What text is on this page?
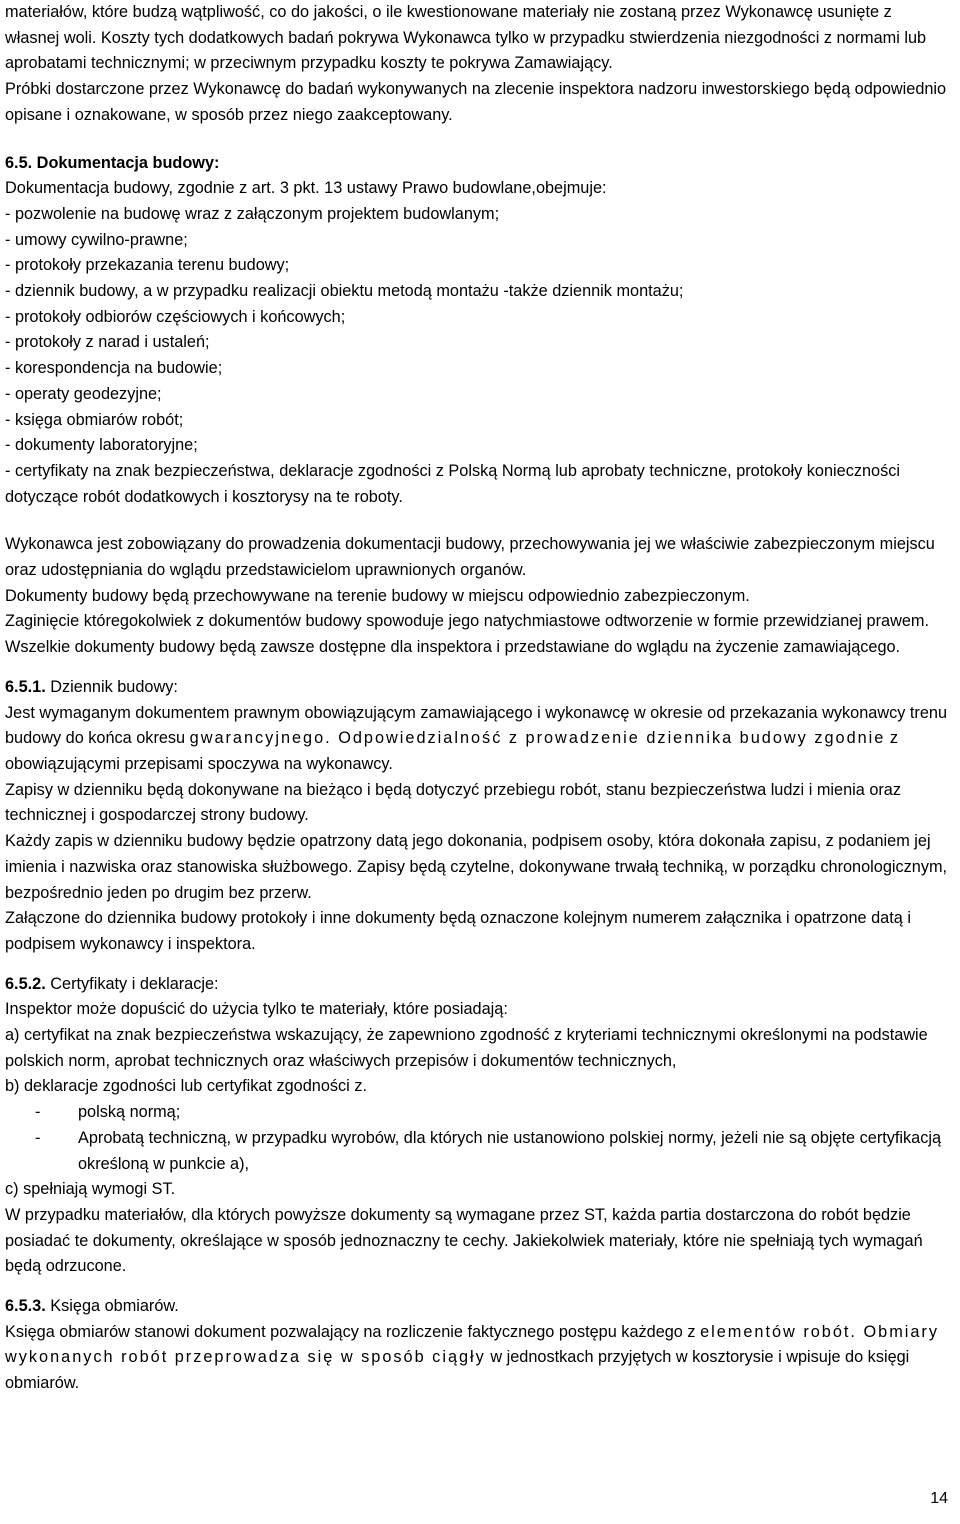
materiałów, które budzą wątpliwość, co do jakości, o ile kwestionowane materiały nie zostaną przez Wykonawcę usunięte z własnej woli. Koszty tych dodatkowych badań pokrywa Wykonawca tylko w przypadku stwierdzenia niezgodności z normami lub aprobatami technicznymi; w przeciwnym przypadku koszty te pokrywa Zamawiający.

Próbki dostarczone przez Wykonawcę do badań wykonywanych na zlecenie inspektora nadzoru inwestorskiego będą odpowiednio opisane i oznakowane, w sposób przez niego zaakceptowany.

6.5. Dokumentacja budowy:

Dokumentacja budowy, zgodnie z art. 3 pkt. 13 ustawy Prawo budowlane,obejmuje:

- pozwolenie na budowę wraz z załączonym projektem budowlanym;

- umowy cywilno-prawne;

- protokoły przekazania terenu budowy;

- dziennik budowy, a w przypadku realizacji obiektu metodą montażu -także dziennik montażu;

- protokoły odbiorów częściowych i końcowych;

- protokoły z narad i ustaleń;

- korespondencja na budowie;

- operaty geodezyjne;

- księga obmiarów robót;

- dokumenty laboratoryjne;

- certyfikaty na znak bezpieczeństwa, deklaracje zgodności z Polską Normą lub aprobaty techniczne, protokoły konieczności dotyczące robót dodatkowych i kosztorysy na te roboty.

Wykonawca jest zobowiązany do prowadzenia dokumentacji budowy, przechowywania jej we właściwie zabezpieczonym miejscu oraz udostępniania do wglądu przedstawicielom uprawnionych organów.

Dokumenty budowy będą przechowywane na terenie budowy w miejscu odpowiednio zabezpieczonym.

Zaginięcie któregokolwiek z dokumentów budowy spowoduje jego natychmiastowe odtworzenie w formie przewidzianej prawem.

Wszelkie dokumenty budowy będą zawsze dostępne dla inspektora i przedstawiane do wglądu na życzenie zamawiającego.

6.5.1. Dziennik budowy:

Jest wymaganym dokumentem prawnym obowiązującym zamawiającego i wykonawcę w okresie od przekazania wykonawcy trenu budowy do końca okresu gwarancyjnego. Odpowiedzialność z prowadzenie dziennika budowy zgodnie z obowiązującymi przepisami spoczywa na wykonawcy.

Zapisy w dzienniku będą dokonywane na bieżąco i będą dotyczyć przebiegu robót, stanu bezpieczeństwa ludzi i mienia oraz technicznej i gospodarczej strony budowy.

Każdy zapis w dzienniku budowy będzie opatrzony datą jego dokonania, podpisem osoby, która dokonała zapisu, z podaniem jej imienia i nazwiska oraz stanowiska służbowego. Zapisy będą czytelne, dokonywane trwałą techniką, w porządku chronologicznym, bezpośrednio jeden po drugim bez przerw.

Załączone do dziennika budowy protokoły i inne dokumenty będą oznaczone kolejnym numerem załącznika i opatrzone datą i podpisem wykonawcy i inspektora.

6.5.2. Certyfikaty i deklaracje:

Inspektor może dopuścić do użycia tylko te materiały, które posiadają:

a) certyfikat na znak bezpieczeństwa wskazujący, że zapewniono zgodność z kryteriami technicznymi określonymi na podstawie polskich norm, aprobat technicznych oraz właściwych przepisów i dokumentów technicznych,

b) deklaracje zgodności lub certyfikat zgodności z.

-	polską normą;
-	Aprobatą techniczną, w przypadku wyrobów, dla których nie ustanowiono polskiej normy, jeżeli nie są objęte certyfikacją określoną w punkcie a),

c) spełniają wymogi ST.

W przypadku materiałów, dla których powyższe dokumenty są wymagane przez ST, każda partia dostarczona do robót będzie posiadać te dokumenty, określające w sposób jednoznaczny te cechy. Jakiekolwiek materiały, które nie spełniają tych wymagań będą odrzucone.

6.5.3. Księga obmiarów.

Księga obmiarów stanowi dokument pozwalający na rozliczenie faktycznego postępu każdego z elementów robót. Obmiary wykonanych robót przeprowadza się w sposób ciągły w jednostkach przyjętych w kosztorysie i wpisuje do księgi obmiarów.

14
